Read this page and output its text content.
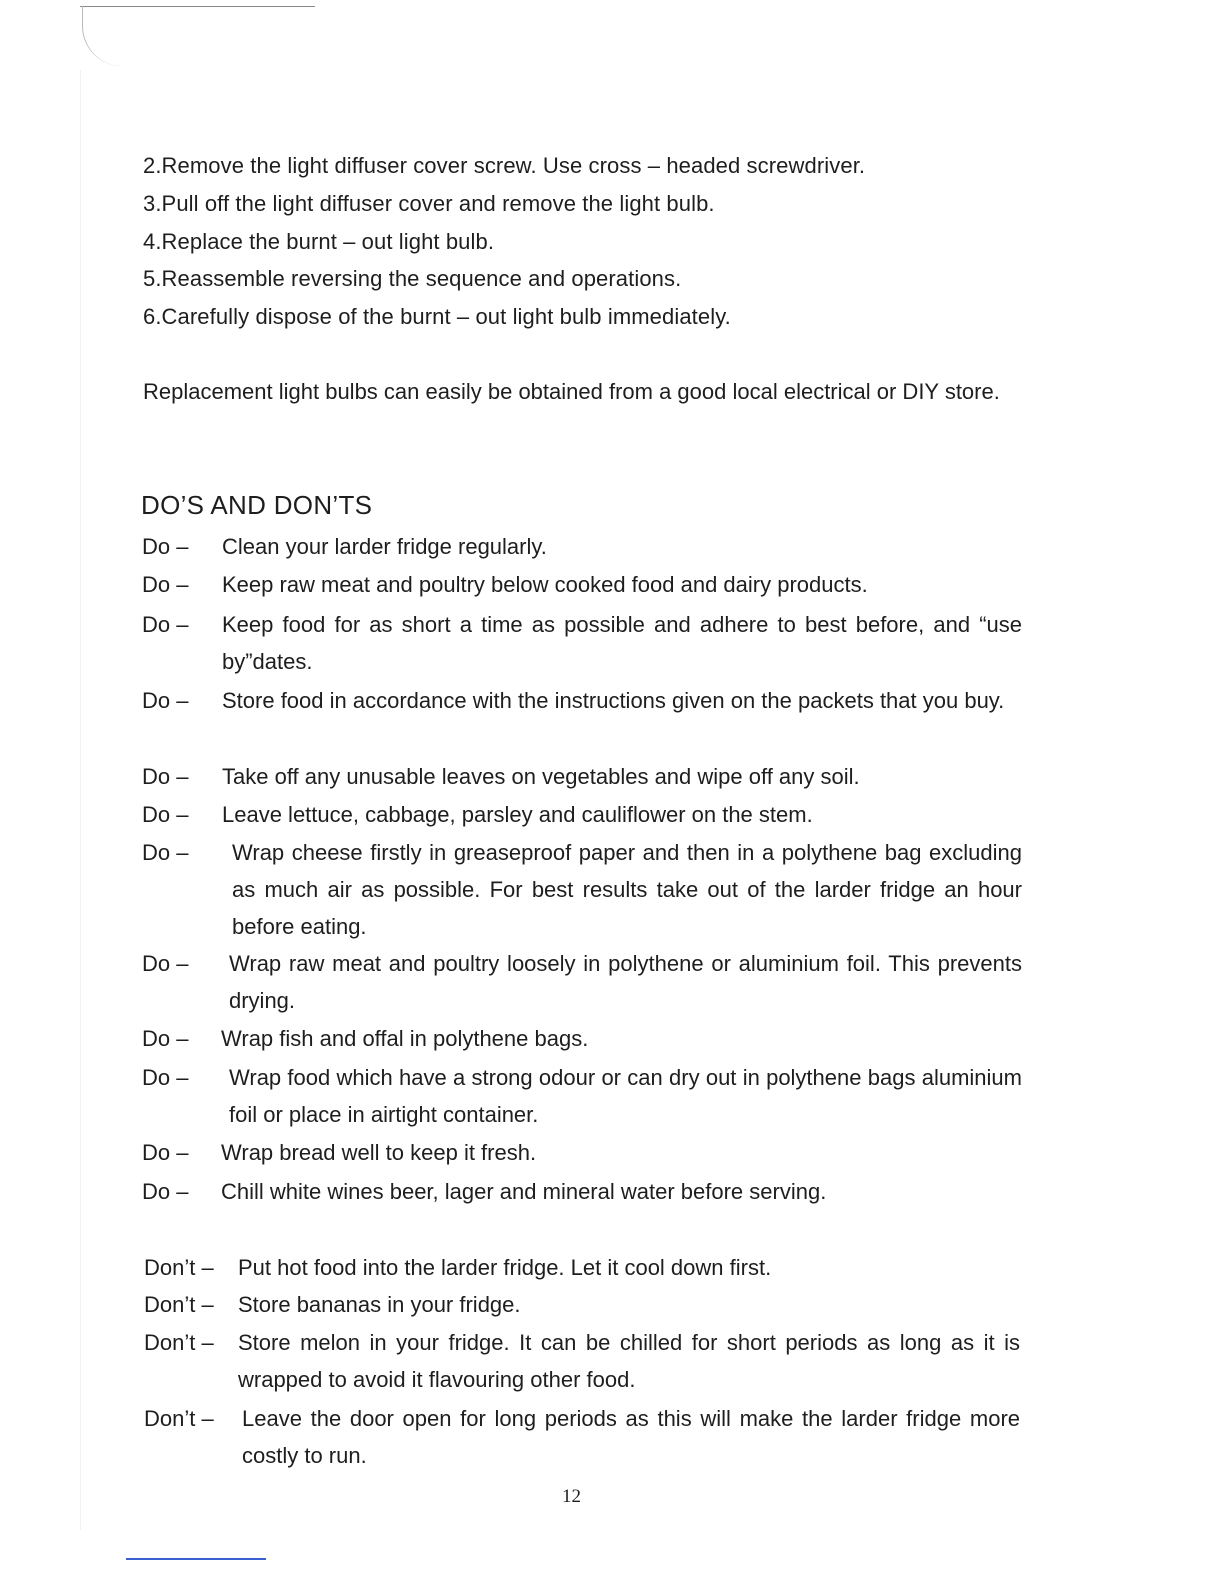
2.Remove the light diffuser cover screw. Use cross – headed screwdriver.
3.Pull off the light diffuser cover and remove the light bulb.
4.Replace the burnt – out light bulb.
5.Reassemble reversing the sequence and operations.
6.Carefully dispose of the burnt – out light bulb immediately.
Replacement light bulbs can easily be obtained from a good local electrical or DIY store.
DO’S AND DON’TS
Do – Clean your larder fridge regularly.
Do – Keep raw meat and poultry below cooked food and dairy products.
Do – Keep food for as short a time as possible and adhere to best before, and “use by”dates.
Do – Store food in accordance with the instructions given on the packets that you buy.
Do – Take off any unusable leaves on vegetables and wipe off any soil.
Do – Leave lettuce, cabbage, parsley and cauliflower on the stem.
Do – Wrap cheese firstly in greaseproof paper and then in a polythene bag excluding as much air as possible. For best results take out of the larder fridge an hour before eating.
Do – Wrap raw meat and poultry loosely in polythene or aluminium foil. This prevents drying.
Do – Wrap fish and offal in polythene bags.
Do – Wrap food which have a strong odour or can dry out in polythene bags aluminium foil or place in airtight container.
Do – Wrap bread well to keep it fresh.
Do – Chill white wines beer, lager and mineral water before serving.
Don’t – Put hot food into the larder fridge. Let it cool down first.
Don’t – Store bananas in your fridge.
Don’t – Store melon in your fridge. It can be chilled for short periods as long as it is wrapped to avoid it flavouring other food.
Don’t – Leave the door open for long periods as this will make the larder fridge more costly to run.
12
